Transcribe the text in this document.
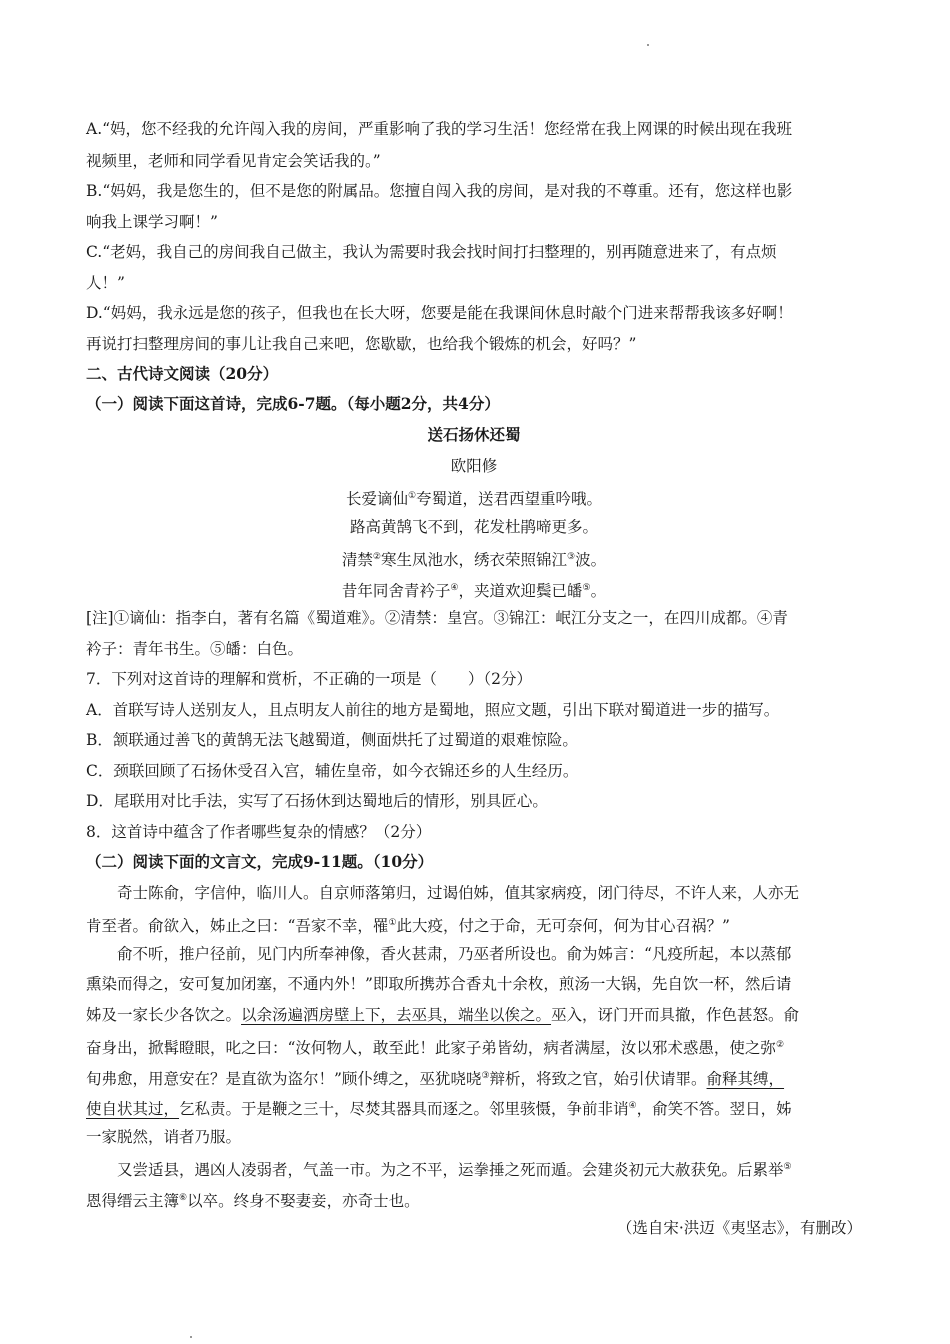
A.“妈，您不经我的允许闯入我的房间，严重影响了我的学习生活！您经常在我上网课的时候出现在我班
视频里，老师和同学看见肯定会笑话我的。”
B.“妈妈，我是您生的，但不是您的附属品。您擅自闯入我的房间，是对我的不尊重。还有，您这样也影
响我上课学习啊！”
C.“老妈，我自己的房间我自己做主，我认为需要时我会找时间打扫整理的，别再随意进来了，有点烦
人！”
D.“妈妈，我永远是您的孩子，但我也在长大呀，您要是能在我课间休息时敲个门进来帮帮我该多好啊！
再说打扫整理房间的事儿让我自己来吧，您歇歇，也给我个锻炼的机会，好吗？”
二、古代诗文阅读（20分）
（一）阅读下面这首诗，完成6-7题。（每小题2分，共4分）
送石扬休还蜀
欧阳修
长爱谪仙①夸蜀道，送君西望重吟哦。
路高黄鹄飞不到，花发杜鹃啼更多。
清禁②寒生凤池水，绣衣荣照锦江③波。
昔年同舍青衿子④，夹道欢迎鬓已皤⑤。
[注]①谪仙：指李白，著有名篇《蜀道难》。②清禁：皇宫。③锦江：岷江分支之一，在四川成都。④青
衿子：青年书生。⑤皤：白色。
7．下列对这首诗的理解和赏析，不正确的一项是（　　）（2分）
A．首联写诗人送别友人，且点明友人前往的地方是蜀地，照应文题，引出下联对蜀道进一步的描写。
B．颔联通过善飞的黄鹄无法飞越蜀道，侧面烘托了过蜀道的艰难惊险。
C．颈联回顾了石扬休受召入宫，辅佐皇帝，如今衣锦还乡的人生经历。
D．尾联用对比手法，实写了石扬休到达蜀地后的情形，别具匠心。
8．这首诗中蕴含了作者哪些复杂的情感？（2分）
（二）阅读下面的文言文，完成9-11题。（10分）
奇士陈俞，字信仲，临川人。自京师落第归，过谒伯姊，值其家病疫，闭门待尽，不许人来，人亦无
肯至者。俞欲入，姊止之曰：“吾家不幸，罹①此大疫，付之于命，无可奈何，何为甘心召祸？”
俞不听，推户径前，见门内所奉神像，香火甚肃，乃巫者所设也。俞为姊言：“凡疫所起，本以蒸郁
熏染而得之，安可复加闭塞，不通内外！”即取所携苏合香丸十余枚，煎汤一大锅，先自饮一杯，然后请
姊及一家长少各饮之。以余汤遍洒房壁上下，去巫具，端坐以俟之。巫入，讶门开而具撤，作色甚怒。俞
奋身出，掀髯瞪眼，叱之曰：“汝何物人，敢至此！此家子弟皆幼，病者满屋，汝以邪术惑愚，使之弥②
旬弗愈，用意安在？是直欲为盗尔！”顾仆缚之，巫犹哓哓③辩析，将致之官，始引伏请罪。俞释其缚，
使自状其过，乞私责。于是鞭之三十，尽焚其器具而逐之。邻里骇慑，争前非诮④，俞笑不答。翌日，姊
一家脱然，诮者乃服。
又尝适县，遇凶人凌弱者，气盖一市。为之不平，运拳捶之死而遁。会建炎初元大赦获免。后累举⑤
恩得缙云主簿⑥以卒。终身不娶妻妾，亦奇士也。
（选自宋·洪迈《夷坚志》，有删改）
